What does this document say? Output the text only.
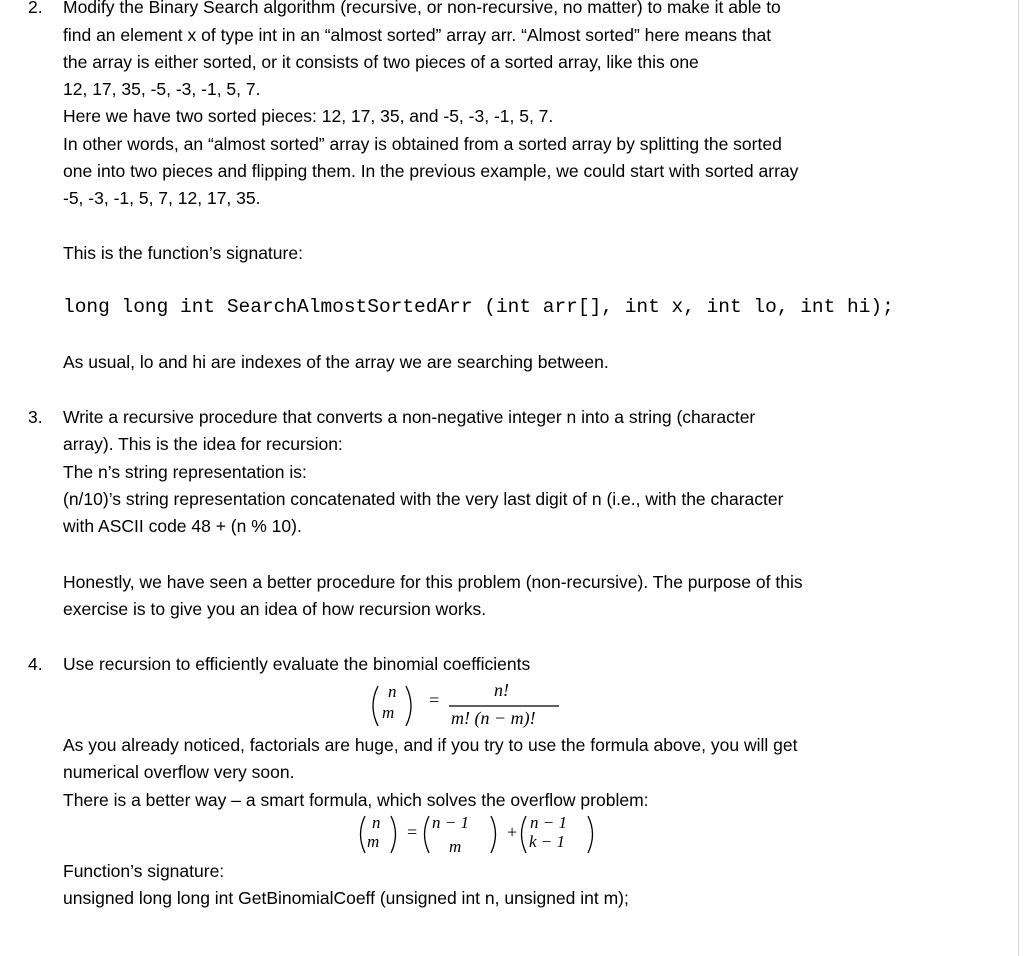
2. Modify the Binary Search algorithm (recursive, or non-recursive, no matter) to make it able to
find an element x of type int in an “almost sorted” array arr. “Almost sorted” here means that
the array is either sorted, or it consists of two pieces of a sorted array, like this one
12, 17, 35, -5, -3, -1, 5, 7.
Here we have two sorted pieces: 12, 17, 35, and -5, -3, -1, 5, 7.
In other words, an “almost sorted” array is obtained from a sorted array by splitting the sorted
one into two pieces and flipping them. In the previous example, we could start with sorted array
-5, -3, -1, 5, 7, 12, 17, 35.
This is the function’s signature:
long long int SearchAlmostSortedArr (int arr[], int x, int lo, int hi);
As usual, lo and hi are indexes of the array we are searching between.
3. Write a recursive procedure that converts a non-negative integer n into a string (character
array). This is the idea for recursion:
The n’s string representation is:
(n/10)’s string representation concatenated with the very last digit of n (i.e., with the character
with ASCII code 48 + (n % 10).
Honestly, we have seen a better procedure for this problem (non-recursive). The purpose of this
exercise is to give you an idea of how recursion works.
4. Use recursion to efficiently evaluate the binomial coefficients
n
m
=	n!
m! (n − m)!
As you already noticed, factorials are huge, and if you try to use the formula above, you will get
numerical overflow very soon.
There is a better way – a smart formula, which solves the overflow problem:
n
m = n − 1
m
+ n − 1
k − 1
Function’s signature:
unsigned long long int GetBinomialCoeff (unsigned int n, unsigned int m);
